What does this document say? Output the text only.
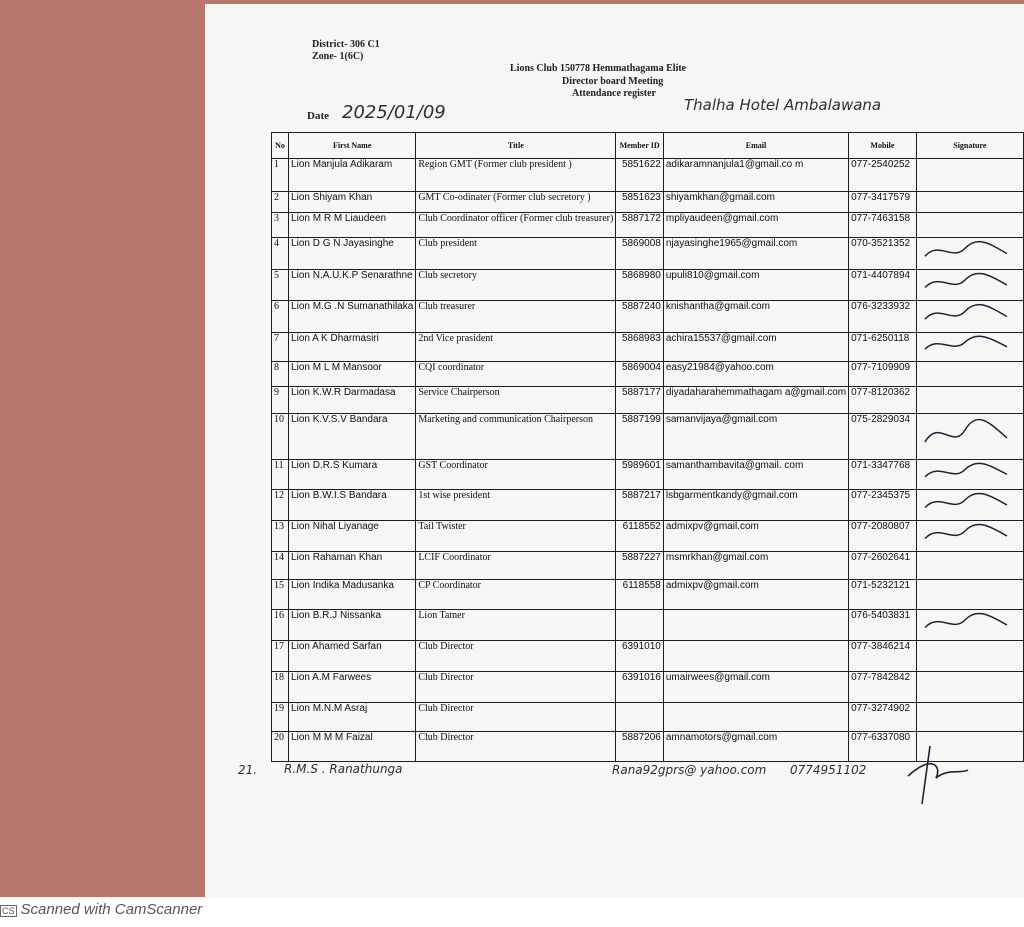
District- 306 C1
Zone- 1(6C)
Lions Club 150778 Hemmathagama Elite
Director board Meeting
Attendance register
Date 2025/01/09	Thalha Hotel Ambalawana
No	First Name	Title	Member ID	Email	Mobile	Signature
1	Lion Manjula Adikaram	Region GMT (Former club president )	5851622	adikaramnanjula1@gmail.co m	077-2540252	
2	Lion Shiyam Khan	GMT Co-odinater (Former club secretory )	5851623	shiyamkhan@gmail.com	077-3417579	
3	Lion M R M Liaudeen	Club Coordinator officer (Former club treasurer)	5887172	mpliyaudeen@gmail.com	077-7463158	
4	Lion D G N Jayasinghe	Club president	5869008	njayasinghe1965@gmail.com	070-3521352	
5	Lion N.A.U.K.P Senarathne	Club secretory	5868980	upuli810@gmail.com	071-4407894	
6	Lion M.G .N Sumanathilaka	Club treasurer	5887240	knishantha@gmail.com	076-3233932	
7	Lion A K Dharmasiri	2nd Vice prasident	5868983	achira15537@gmail.com	071-6250118	
8	Lion M L M Mansoor	CQI coordinator	5869004	easy21984@yahoo.com	077-7109909	
9	Lion K.W.R Darmadasa	Service Chairperson	5887177	diyadaharahemmathagam a@gmail.com	077-8120362	
10	Lion K.V.S.V Bandara	Marketing and communication Chairperson	5887199	samanvijaya@gmail.com	075-2829034	
11	Lion D.R.S Kumara	GST Coordinator	5989601	samanthambavita@gmail. com	071-3347768	
12	Lion B.W.I.S Bandara	1st wise president	5887217	lsbgarmentkandy@gmail.com	077-2345375	
13	Lion Nihal Liyanage	Tail Twister	6118552	admixpv@gmail.com	077-2080807	
14	Lion Rahaman Khan	LCIF Coordinator	5887227	msmrkhan@gmail.com	077-2602641	
15	Lion Indika Madusanka	CP Coordinator	6118558	admixpv@gmail.com	071-5232121	
16	Lion B.R.J Nissanka	Lion Tamer			076-5403831	
17	Lion Ahamed Sarfan	Club Director	6391010		077-3846214	
18	Lion A.M Farwees	Club Director	6391016	umairwees@gmail.com	077-7842842	
19	Lion M.N.M Asraj	Club Director			077-3274902	
20	Lion M M M Faizal	Club Director	5887206	amnamotors@gmail.com	077-6337080	
21. R.M.S . Ranathunga	Rana92gprs@ yahoo.com 0774951102
CS Scanned with CamScanner
